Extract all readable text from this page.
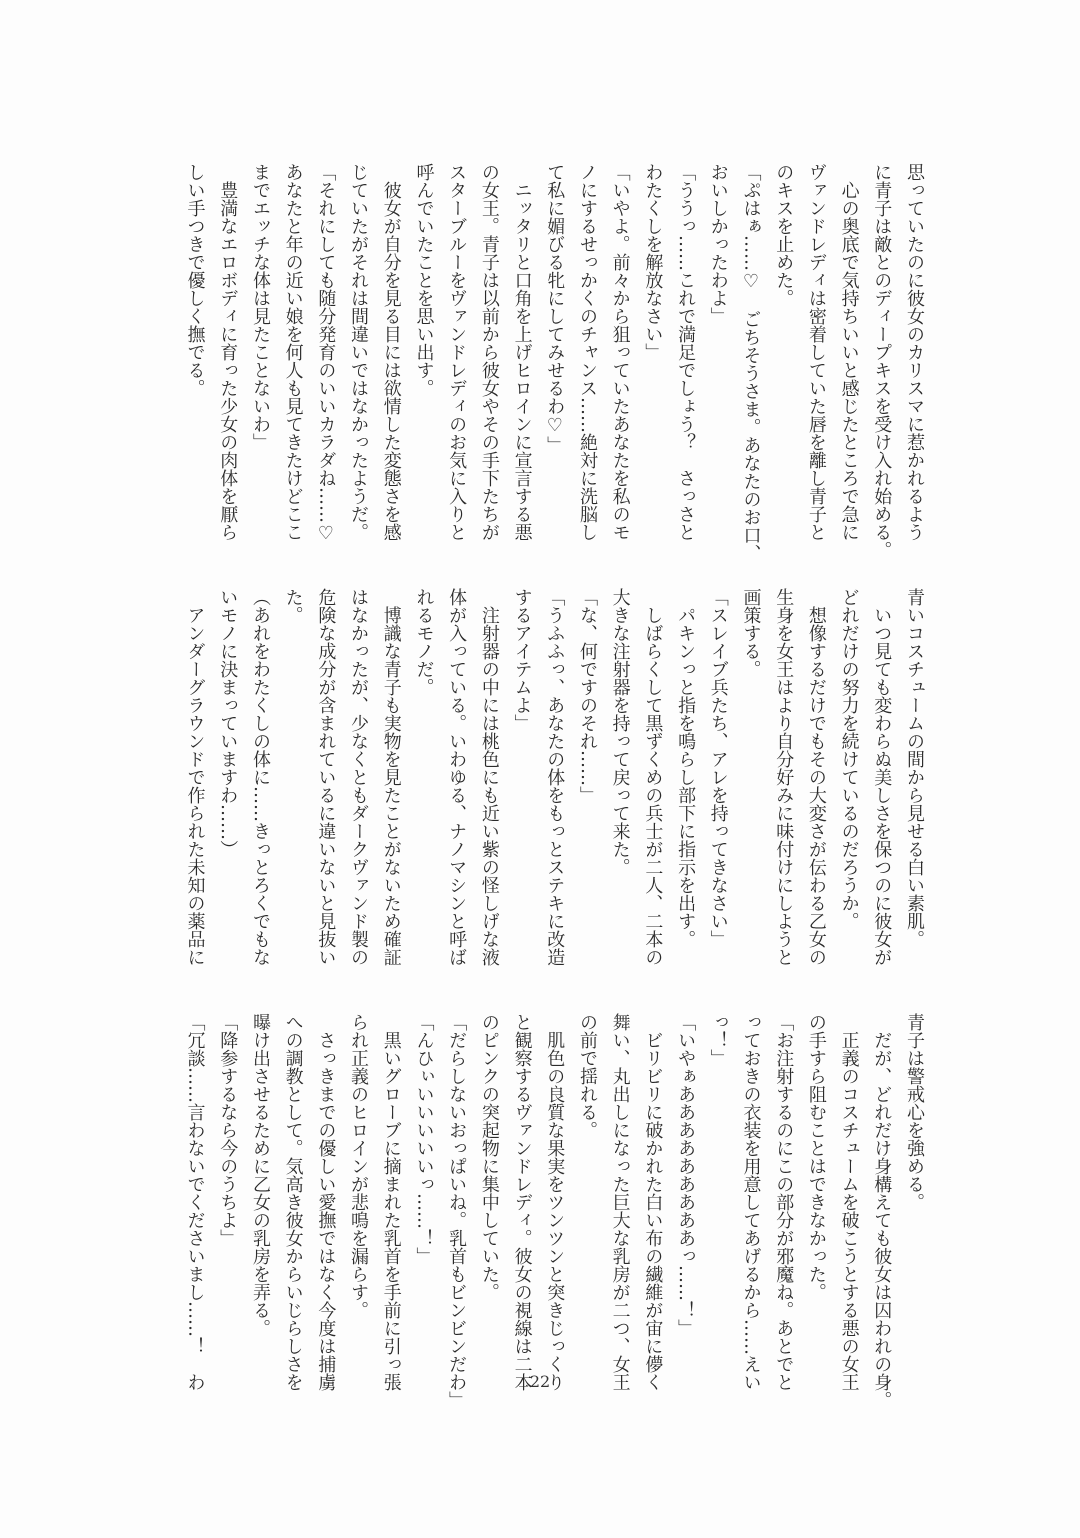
思っていたのに彼女のカリスマに惹かれるよう
に青子は敵とのディープキスを受け入れ始める。
　心の奥底で気持ちいいと感じたところで急に
ヴァンドレディは密着していた唇を離し青子と
のキスを止めた。
「ぷはぁ……♡　ごちそうさま。あなたのお口、
おいしかったわよ」
「ううっ……これで満足でしょう？　さっさと
わたくしを解放なさい」
「いやよ。前々から狙っていたあなたを私のモ
ノにするせっかくのチャンス……絶対に洗脳し
て私に媚びる牝にしてみせるわ♡」
　ニッタリと口角を上げヒロインに宣言する悪
の女王。青子は以前から彼女やその手下たちが
スターブルーをヴァンドレディのお気に入りと
呼んでいたことを思い出す。
　彼女が自分を見る目には欲情した変態さを感
じていたがそれは間違いではなかったようだ。
「それにしても随分発育のいいカラダね……♡
あなたと年の近い娘を何人も見てきたけどここ
までエッチな体は見たことないわ」
　豊満なエロボディに育った少女の肉体を厭ら
しい手つきで優しく撫でる。
青いコスチュームの間から見せる白い素肌。
　いつ見ても変わらぬ美しさを保つのに彼女が
どれだけの努力を続けているのだろうか。
　想像するだけでもその大変さが伝わる乙女の
生身を女王はより自分好みに味付けにしようと
画策する。
「スレイブ兵たち、アレを持ってきなさい」
　パキンっと指を鳴らし部下に指示を出す。
　しばらくして黒ずくめの兵士が二人、二本の
大きな注射器を持って戻って来た。
「な、何ですのそれ……」
「うふふっ、あなたの体をもっとステキに改造
するアイテムよ」
　注射器の中には桃色にも近い紫の怪しげな液
体が入っている。いわゆる、ナノマシンと呼ば
れるモノだ。
　博識な青子も実物を見たことがないため確証
はなかったが、少なくともダークヴァンド製の
危険な成分が含まれているに違いないと見抜い
た。
（あれをわたくしの体に……きっとろくでもな
いモノに決まっていますわ……）
　アンダーグラウンドで作られた未知の薬品に
青子は警戒心を強める。
　だが、どれだけ身構えても彼女は囚われの身。
　正義のコスチュームを破こうとする悪の女王
の手すら阻むことはできなかった。
「お注射するのにこの部分が邪魔ね。あとでと
っておきの衣装を用意してあげるから……えい
っ！」
「いやぁあああああああああっ……！」
　ビリビリに破かれた白い布の繊維が宙に儚く
舞い、丸出しになった巨大な乳房が二つ、女王
の前で揺れる。
　肌色の良質な果実をツンツンと突きじっくり
と観察するヴァンドレディ。彼女の視線は二本
のピンクの突起物に集中していた。
「だらしないおっぱいね。乳首もビンビンだわ」
「んひぃいいいいいっ……！」
　黒いグローブに摘まれた乳首を手前に引っ張
られ正義のヒロインが悲鳴を漏らす。
　さっきまでの優しい愛撫ではなく今度は捕虜
への調教として。気高き彼女からいじらしさを
曝け出させるために乙女の乳房を弄る。
「降参するなら今のうちよ」
「冗談……言わないでくださいまし……！　わ	22
